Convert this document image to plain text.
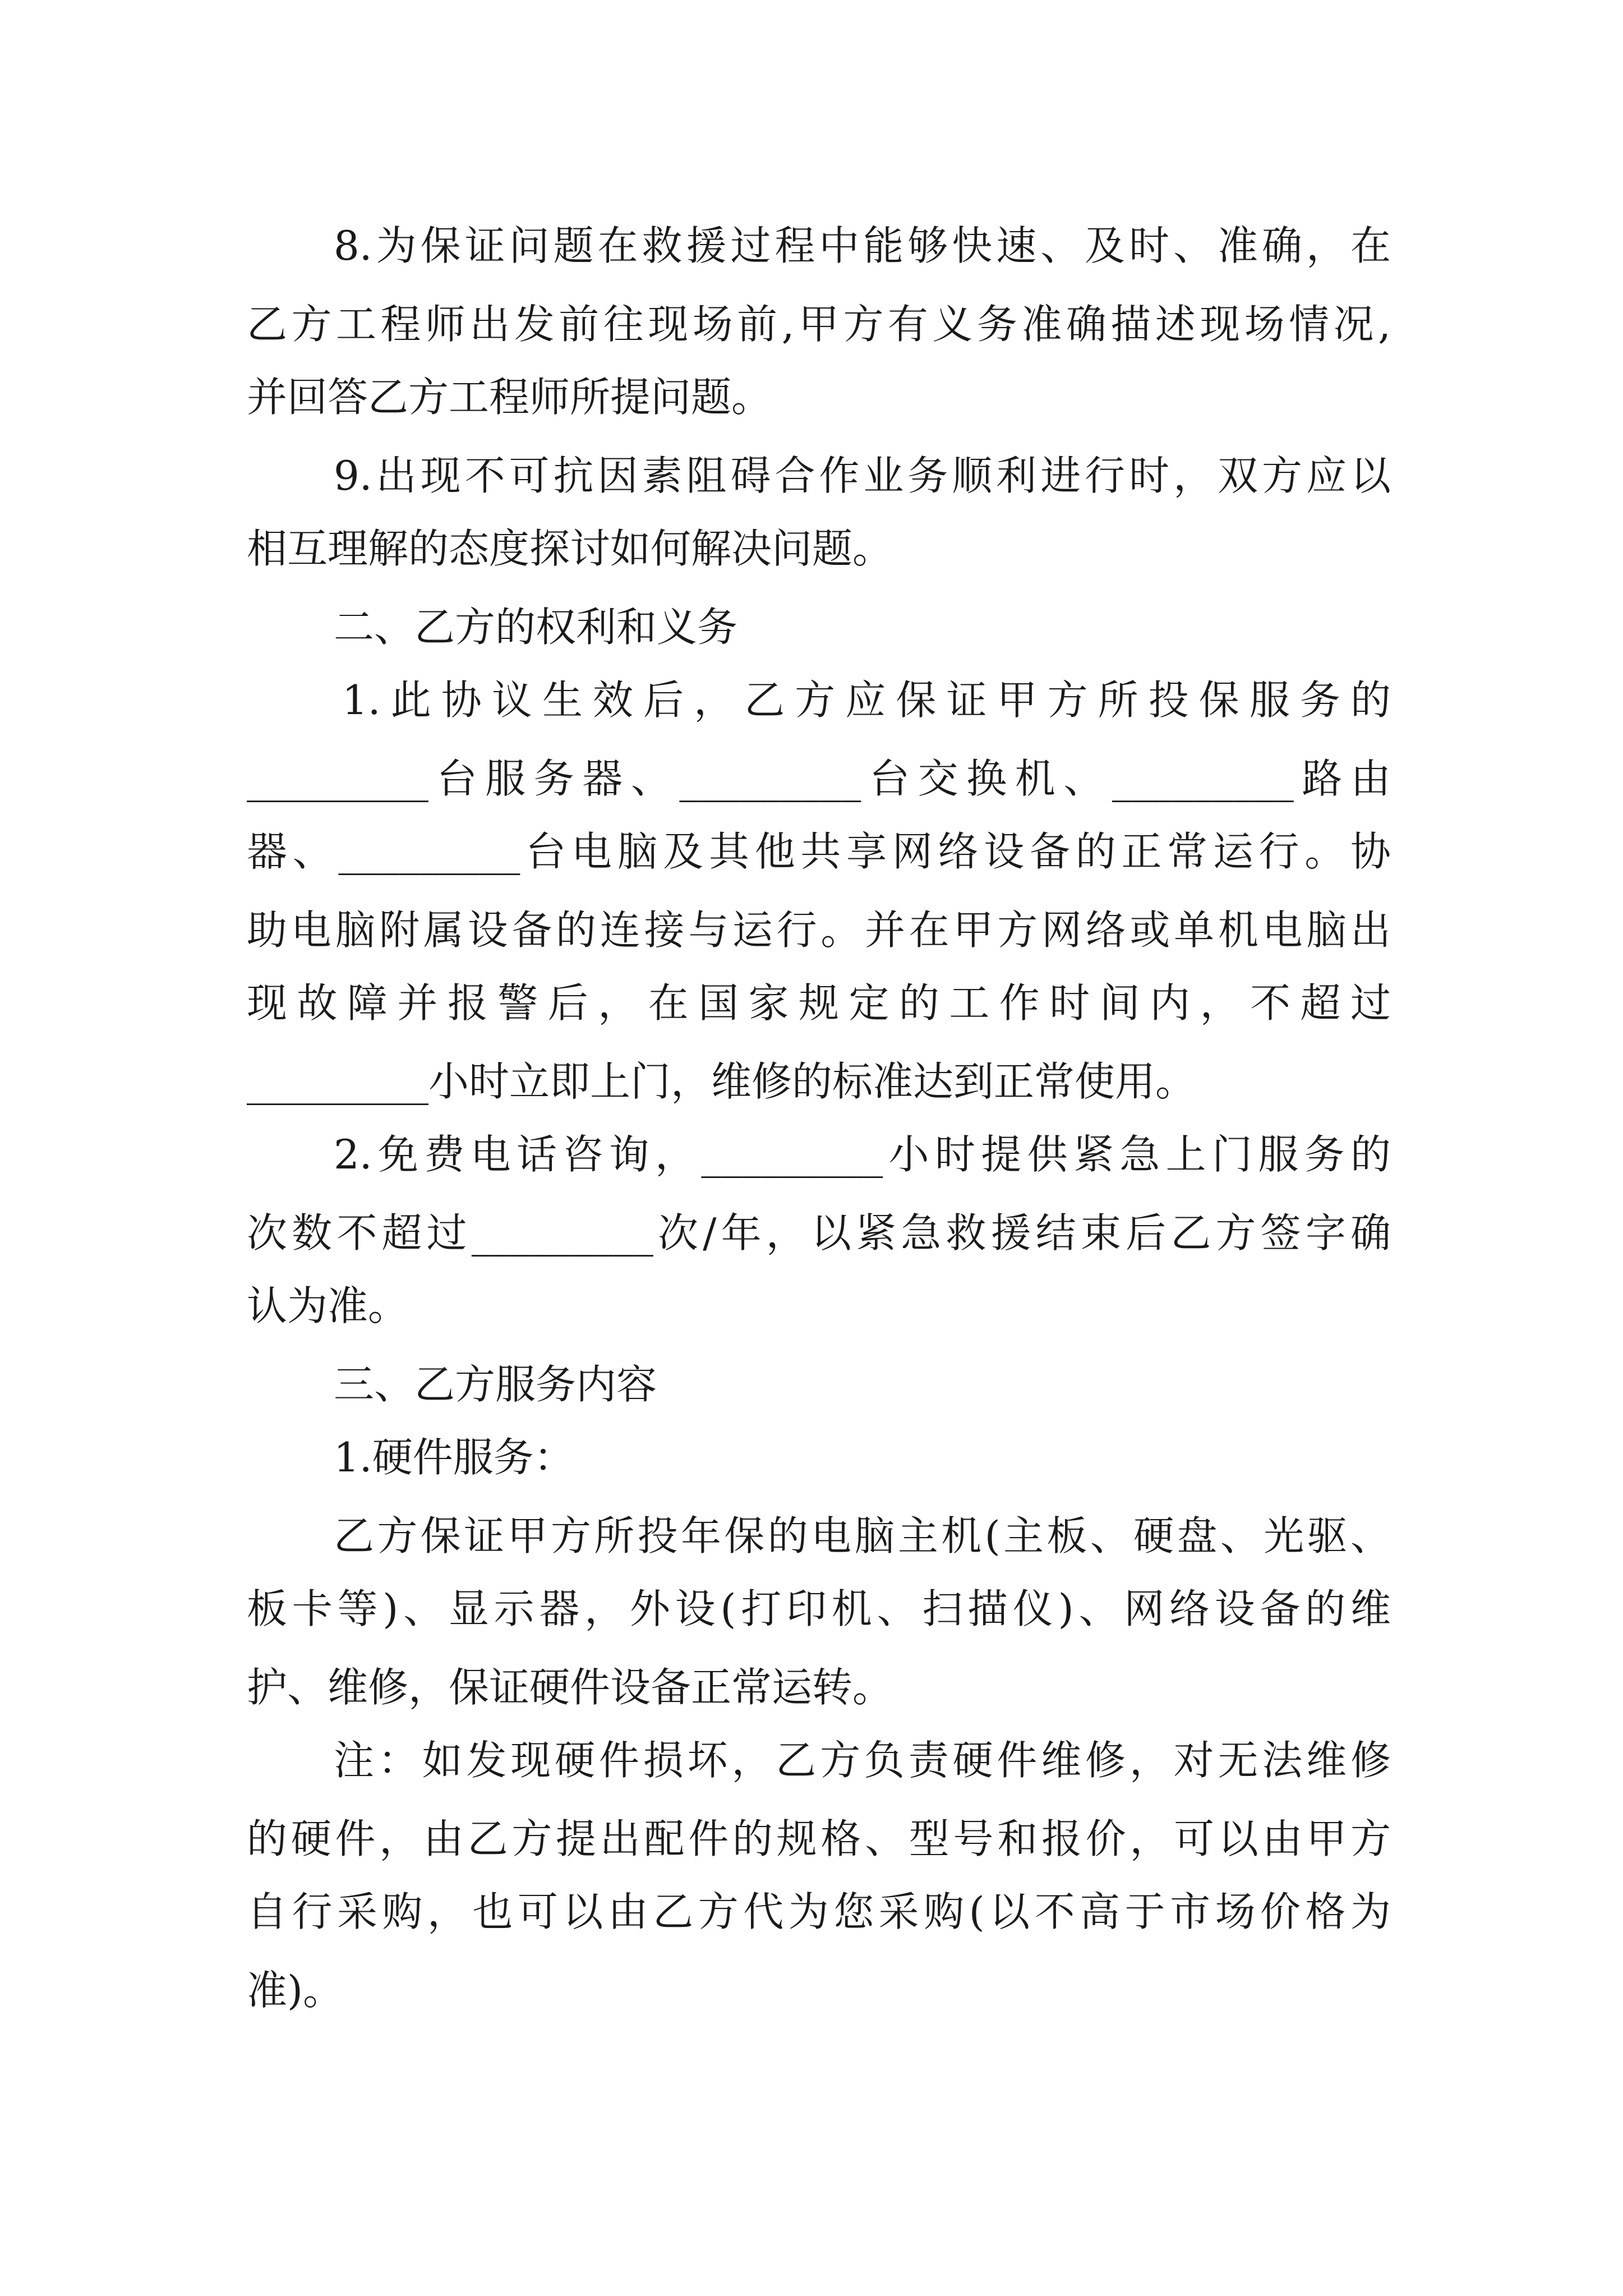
8.为保证问题在救援过程中能够快速、及时、准确，在
乙方工程师出发前往现场前,甲方有义务准确描述现场情况,
并回答乙方工程师所提问题。
9.出现不可抗因素阻碍合作业务顺利进行时，双方应以
相互理解的态度探讨如何解决问题。
二、乙方的权利和义务
1.此协议生效后，乙方应保证甲方所投保服务的
_________台服务器、_________台交换机、_________路由
器、_________台电脑及其他共享网络设备的正常运行。协
助电脑附属设备的连接与运行。并在甲方网络或单机电脑出
现故障并报警后，在国家规定的工作时间内，不超过
_________小时立即上门，维修的标准达到正常使用。
2.免费电话咨询，_________小时提供紧急上门服务的
次数不超过_________次/年，以紧急救援结束后乙方签字确
认为准。
三、乙方服务内容
1.硬件服务：
乙方保证甲方所投年保的电脑主机(主板、硬盘、光驱、
板卡等)、显示器，外设(打印机、扫描仪)、网络设备的维
护、维修，保证硬件设备正常运转。
注：如发现硬件损坏，乙方负责硬件维修，对无法维修
的硬件，由乙方提出配件的规格、型号和报价，可以由甲方
自行采购，也可以由乙方代为您采购(以不高于市场价格为
准)。
